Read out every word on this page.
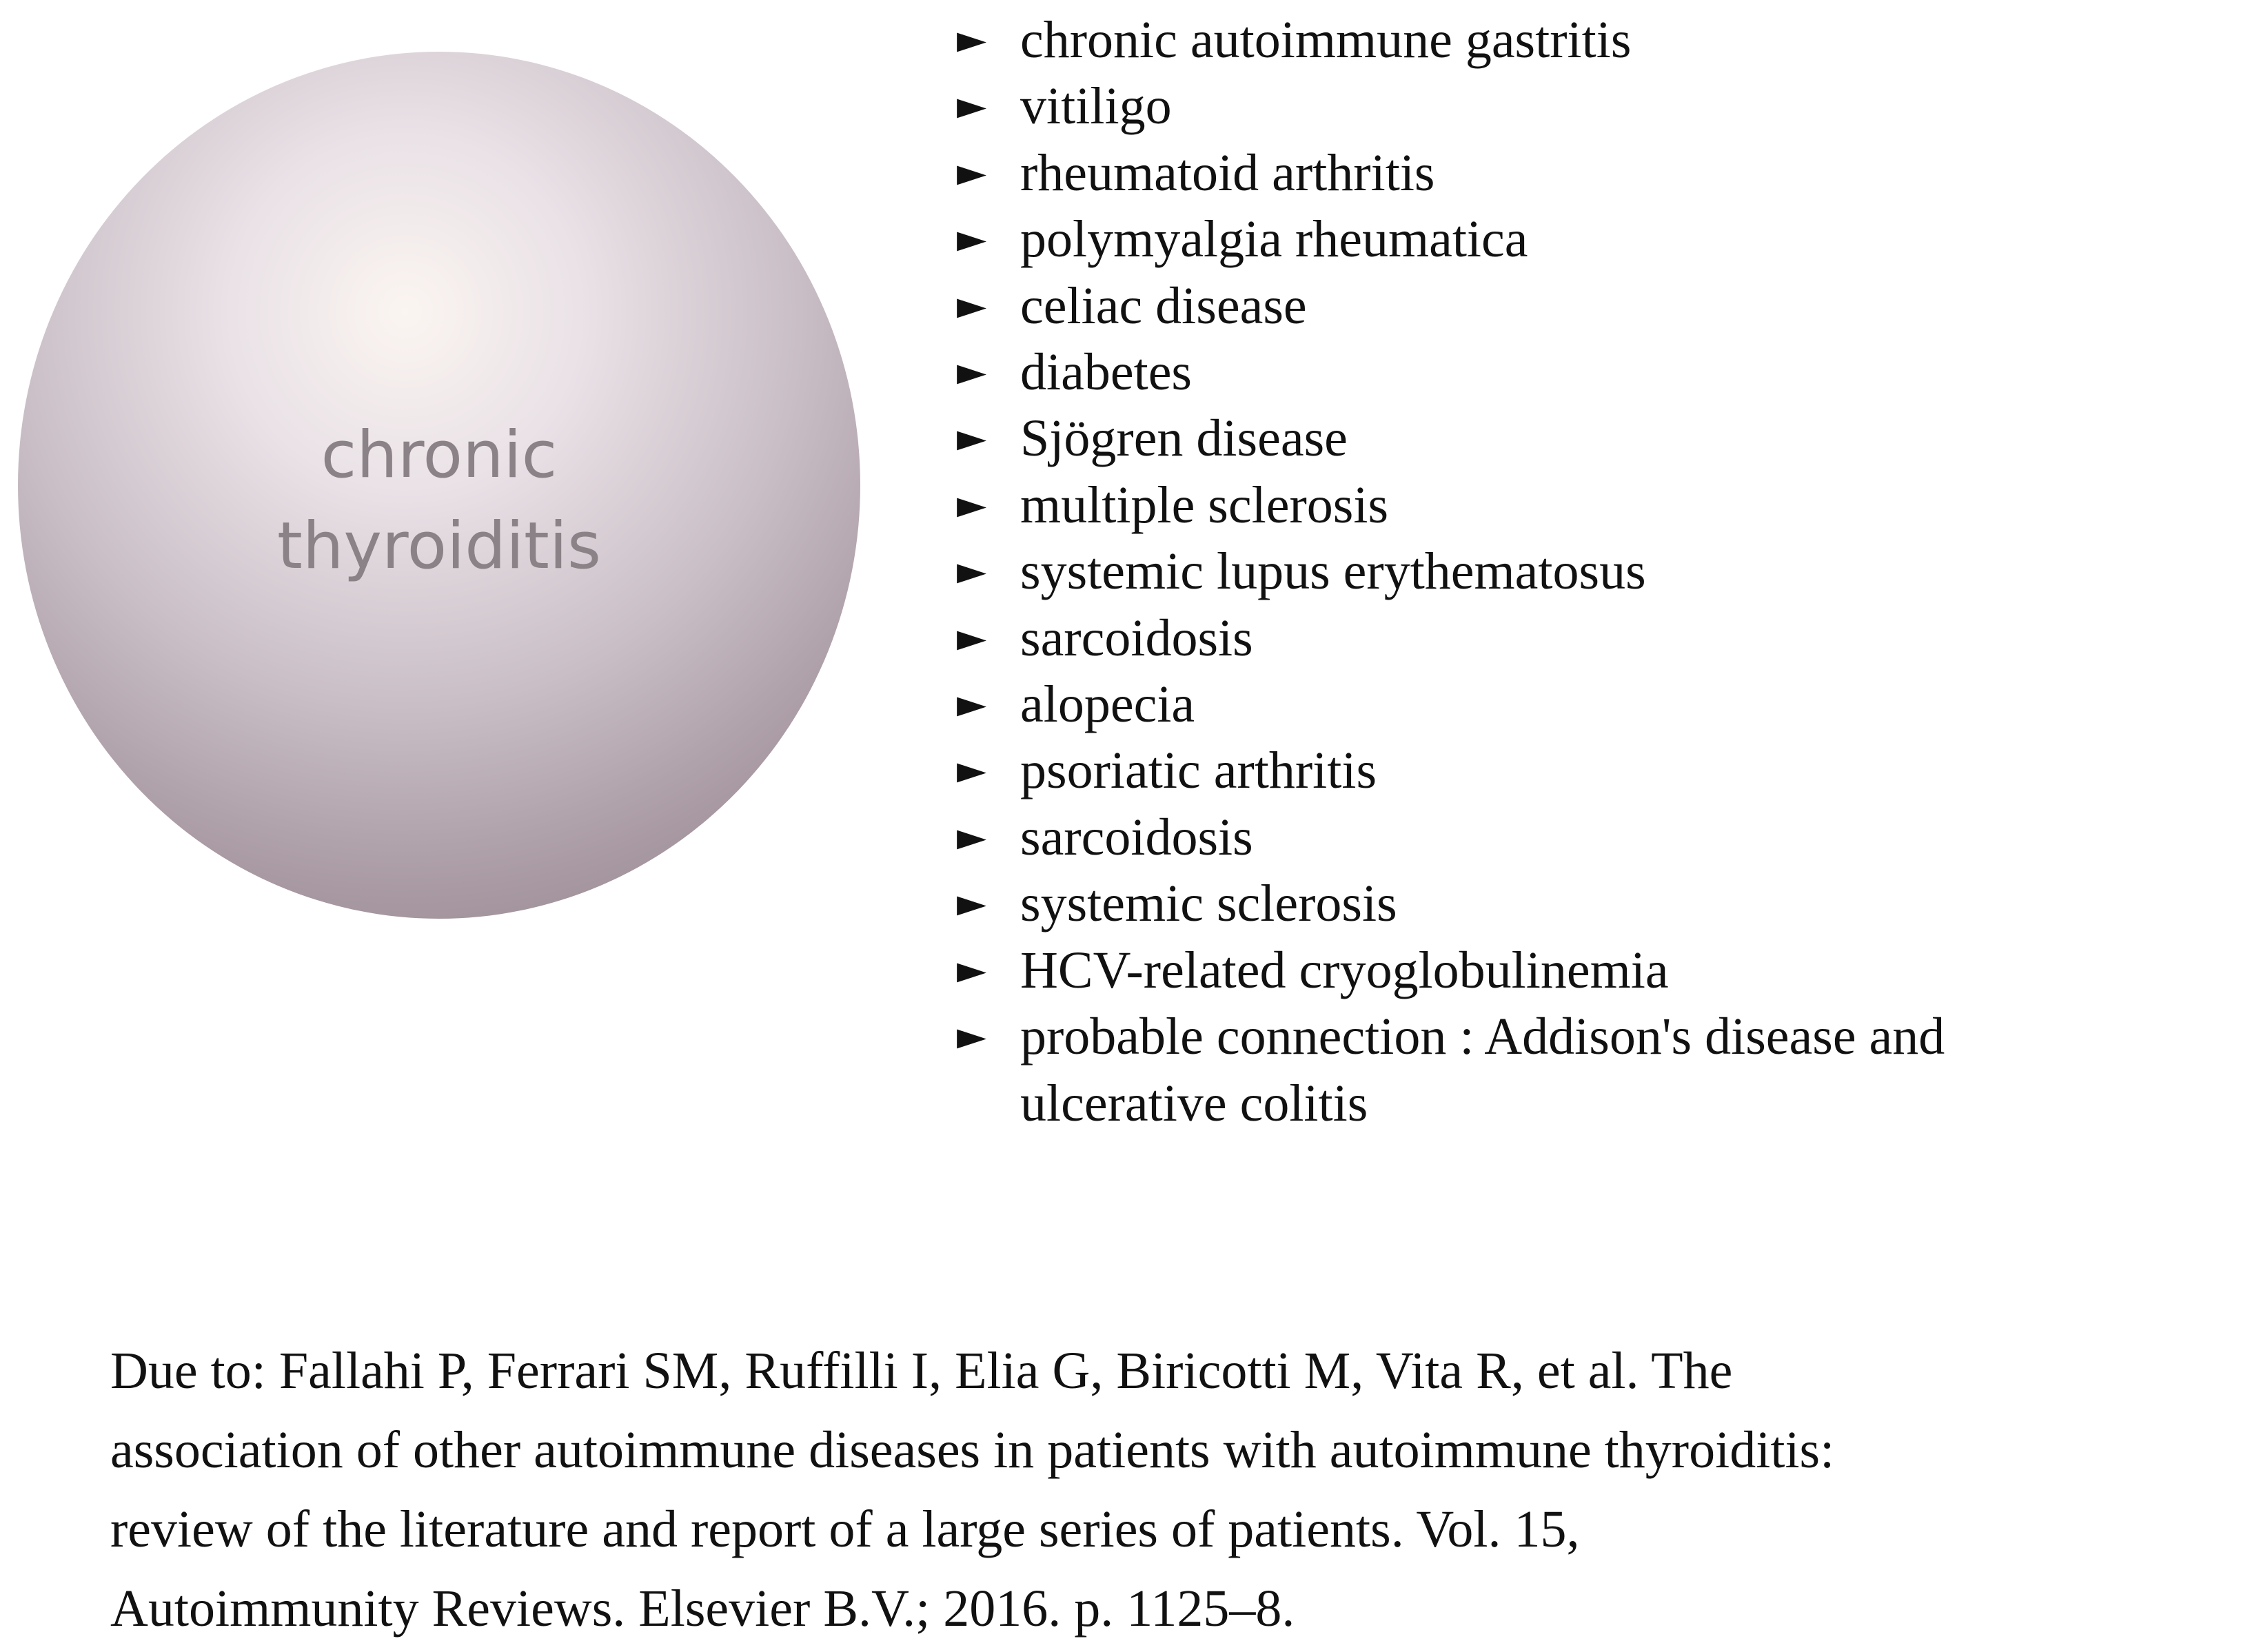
chronic
thyroiditis
► chronic autoimmune gastritis
► vitiligo
► rheumatoid arthritis
► polymyalgia rheumatica
► celiac disease
► diabetes
► Sjögren disease
► multiple sclerosis
► systemic lupus erythematosus
► sarcoidosis
► alopecia
► psoriatic arthritis
► sarcoidosis
► systemic sclerosis
► HCV-related cryoglobulinemia
► probable connection : Addison's disease and ulcerative colitis

Due to: Fallahi P, Ferrari SM, Ruffilli I, Elia G, Biricotti M, Vita R, et al. The
association of other autoimmune diseases in patients with autoimmune thyroiditis:
review of the literature and report of a large series of patients. Vol. 15,
Autoimmunity Reviews. Elsevier B.V.; 2016. p. 1125–8.
